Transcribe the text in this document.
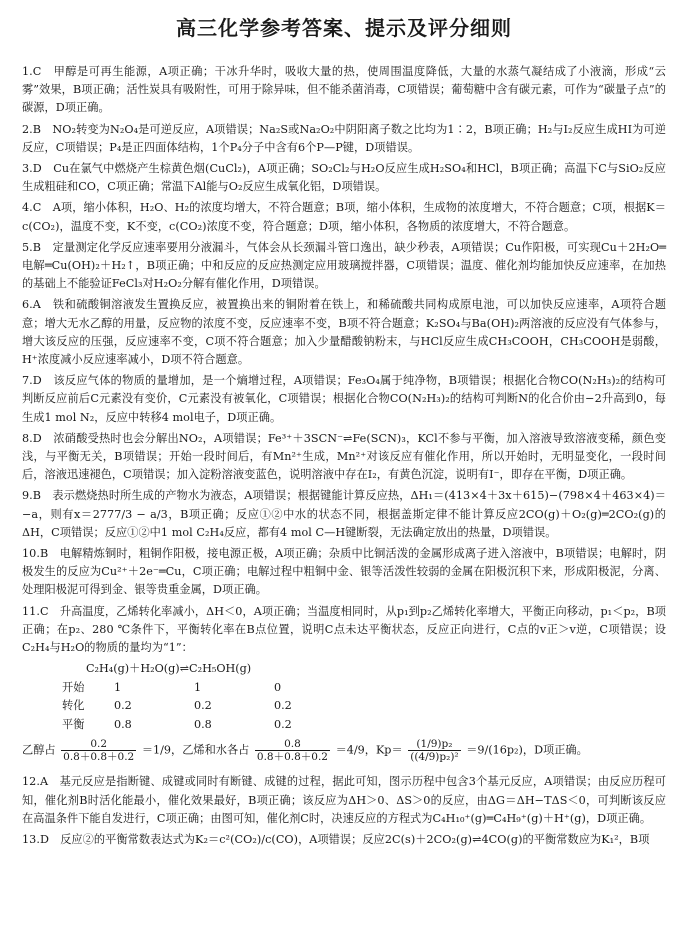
高三化学参考答案、提示及评分细则

1.C　甲醇是可再生能源，A项正确；干冰升华时，吸收大量的热，使周围温度降低，大量的水蒸气凝结成了小液滴，形成“云雾”效果，B项正确；活性炭具有吸附性，可用于除异味，但不能杀菌消毒，C项错误；葡萄糖中含有碳元素，可作为“碳量子点”的碳源，D项正确。

2.B　NO₂转变为N₂O₄是可逆反应，A项错误；Na₂S或Na₂O₂中阴阳离子数之比均为1∶2，B项正确；H₂与I₂反应生成HI为可逆反应，C项错误；P₄是正四面体结构，1个P₄分子中含有6个P—P键，D项错误。

3.D　Cu在氯气中燃烧产生棕黄色烟(CuCl₂)，A项正确；SO₂Cl₂与H₂O反应生成H₂SO₄和HCl，B项正确；高温下C与SiO₂反应生成粗硅和CO，C项正确；常温下Al能与O₂反应生成氧化铝，D项错误。

4.C　A项，缩小体积，H₂O、H₂的浓度均增大，不符合题意；B项，缩小体积，生成物的浓度增大，不符合题意；C项，根据K＝c(CO₂)，温度不变，K不变，c(CO₂)浓度不变，符合题意；D项，缩小体积，各物质的浓度增大，不符合题意。

5.B　定量测定化学反应速率要用分液漏斗，气体会从长颈漏斗管口逸出，缺少秒表，A项错误；Cu作阳极，可实现Cu＋2H₂O═电解═Cu(OH)₂＋H₂↑，B项正确；中和反应的反应热测定应用玻璃搅拌器，C项错误；温度、催化剂均能加快反应速率，在加热的基础上不能验证FeCl₃对H₂O₂分解有催化作用，D项错误。

6.A　铁和硫酸铜溶液发生置换反应，被置换出来的铜附着在铁上，和稀硫酸共同构成原电池，可以加快反应速率，A项符合题意；增大无水乙醇的用量，反应物的浓度不变，反应速率不变，B项不符合题意；K₂SO₄与Ba(OH)₂两溶液的反应没有气体参与，增大该反应的压强，反应速率不变，C项不符合题意；加入少量醋酸钠粉末，与HCl反应生成CH₃COOH，CH₃COOH是弱酸，H⁺浓度减小反应速率减小，D项不符合题意。

7.D　该反应气体的物质的量增加，是一个熵增过程，A项错误；Fe₃O₄属于纯净物，B项错误；根据化合物CO(N₂H₃)₂的结构可判断反应前后C元素没有变价，C元素没有被氧化，C项错误；根据化合物CO(N₂H₃)₂的结构可判断N的化合价由−2升高到0，每生成1 mol N₂，反应中转移4 mol电子，D项正确。

8.D　浓硝酸受热时也会分解出NO₂，A项错误；Fe³⁺＋3SCN⁻⇌Fe(SCN)₃，KCl不参与平衡，加入溶液导致溶液变稀，颜色变浅，与平衡无关，B项错误；开始一段时间后，有Mn²⁺生成，Mn²⁺对该反应有催化作用，所以开始时，无明显变化，一段时间后，溶液迅速褪色，C项错误；加入淀粉溶液变蓝色，说明溶液中存在I₂，有黄色沉淀，说明有I⁻，即存在平衡，D项正确。

9.B　表示燃烧热时所生成的产物水为液态，A项错误；根据键能计算反应热，ΔH₁＝(413×4＋3x＋615)−(798×4＋463×4)＝−a，则有x＝2777/3 − a/3，B项正确；反应①②中水的状态不同，根据盖斯定律不能计算反应2CO(g)＋O₂(g)═2CO₂(g)的ΔH，C项错误；反应①②中1 mol C₂H₄反应，都有4 mol C—H键断裂，无法确定放出的热量，D项错误。

10.B　电解精炼铜时，粗铜作阳极，接电源正极，A项正确；杂质中比铜活泼的金属形成离子进入溶液中，B项错误；电解时，阴极发生的反应为Cu²⁺＋2e⁻═Cu，C项正确；电解过程中粗铜中金、银等活泼性较弱的金属在阳极沉积下来，形成阳极泥，分离、处理阳极泥可得到金、银等贵重金属，D项正确。

11.C　升高温度，乙烯转化率减小，ΔH＜0，A项正确；当温度相同时，从p₁到p₂乙烯转化率增大，平衡正向移动，p₁＜p₂，B项正确；在p₂、280 ℃条件下，平衡转化率在B点位置，说明C点未达平衡状态，反应正向进行，C点的v正＞v逆，C项错误；设C₂H₄与H₂O的物质的量均为“1”：

C₂H₄(g)＋H₂O(g)⇌C₂H₅OH(g)
开始	1	1	0
转化	0.2	0.2	0.2
平衡	0.8	0.8	0.2
乙醇占 $\frac{0.2}{0.8+0.8+0.2} =1/9$，乙烯和水各占 $\frac{0.8}{0.8+0.8+0.2} =4/9$，$Kp= \frac{\text{(1/9)p₂}}{\text{((4/9)p₂)²}} =9/(16p_2)$，D项正确。

12.A　基元反应是指断键、成键或同时有断键、成键的过程，据此可知，图示历程中包含3个基元反应，A项错误；由反应历程可知，催化剂B时活化能最小，催化效果最好，B项正确；该反应为ΔH＞0、ΔS＞0的反应，由ΔG＝ΔH−TΔS＜0，可判断该反应在高温条件下能自发进行，C项正确；由图可知，催化剂C时，决速反应的方程式为C₄H₁₀⁺(g)═C₄H₉⁺(g)＋H⁺(g)，D项正确。

13.D　反应②的平衡常数表达式为K₂＝c²(CO₂)/c(CO)，A项错误；反应2C(s)＋2CO₂(g)⇌4CO(g)的平衡常数应为K₁²，B项
